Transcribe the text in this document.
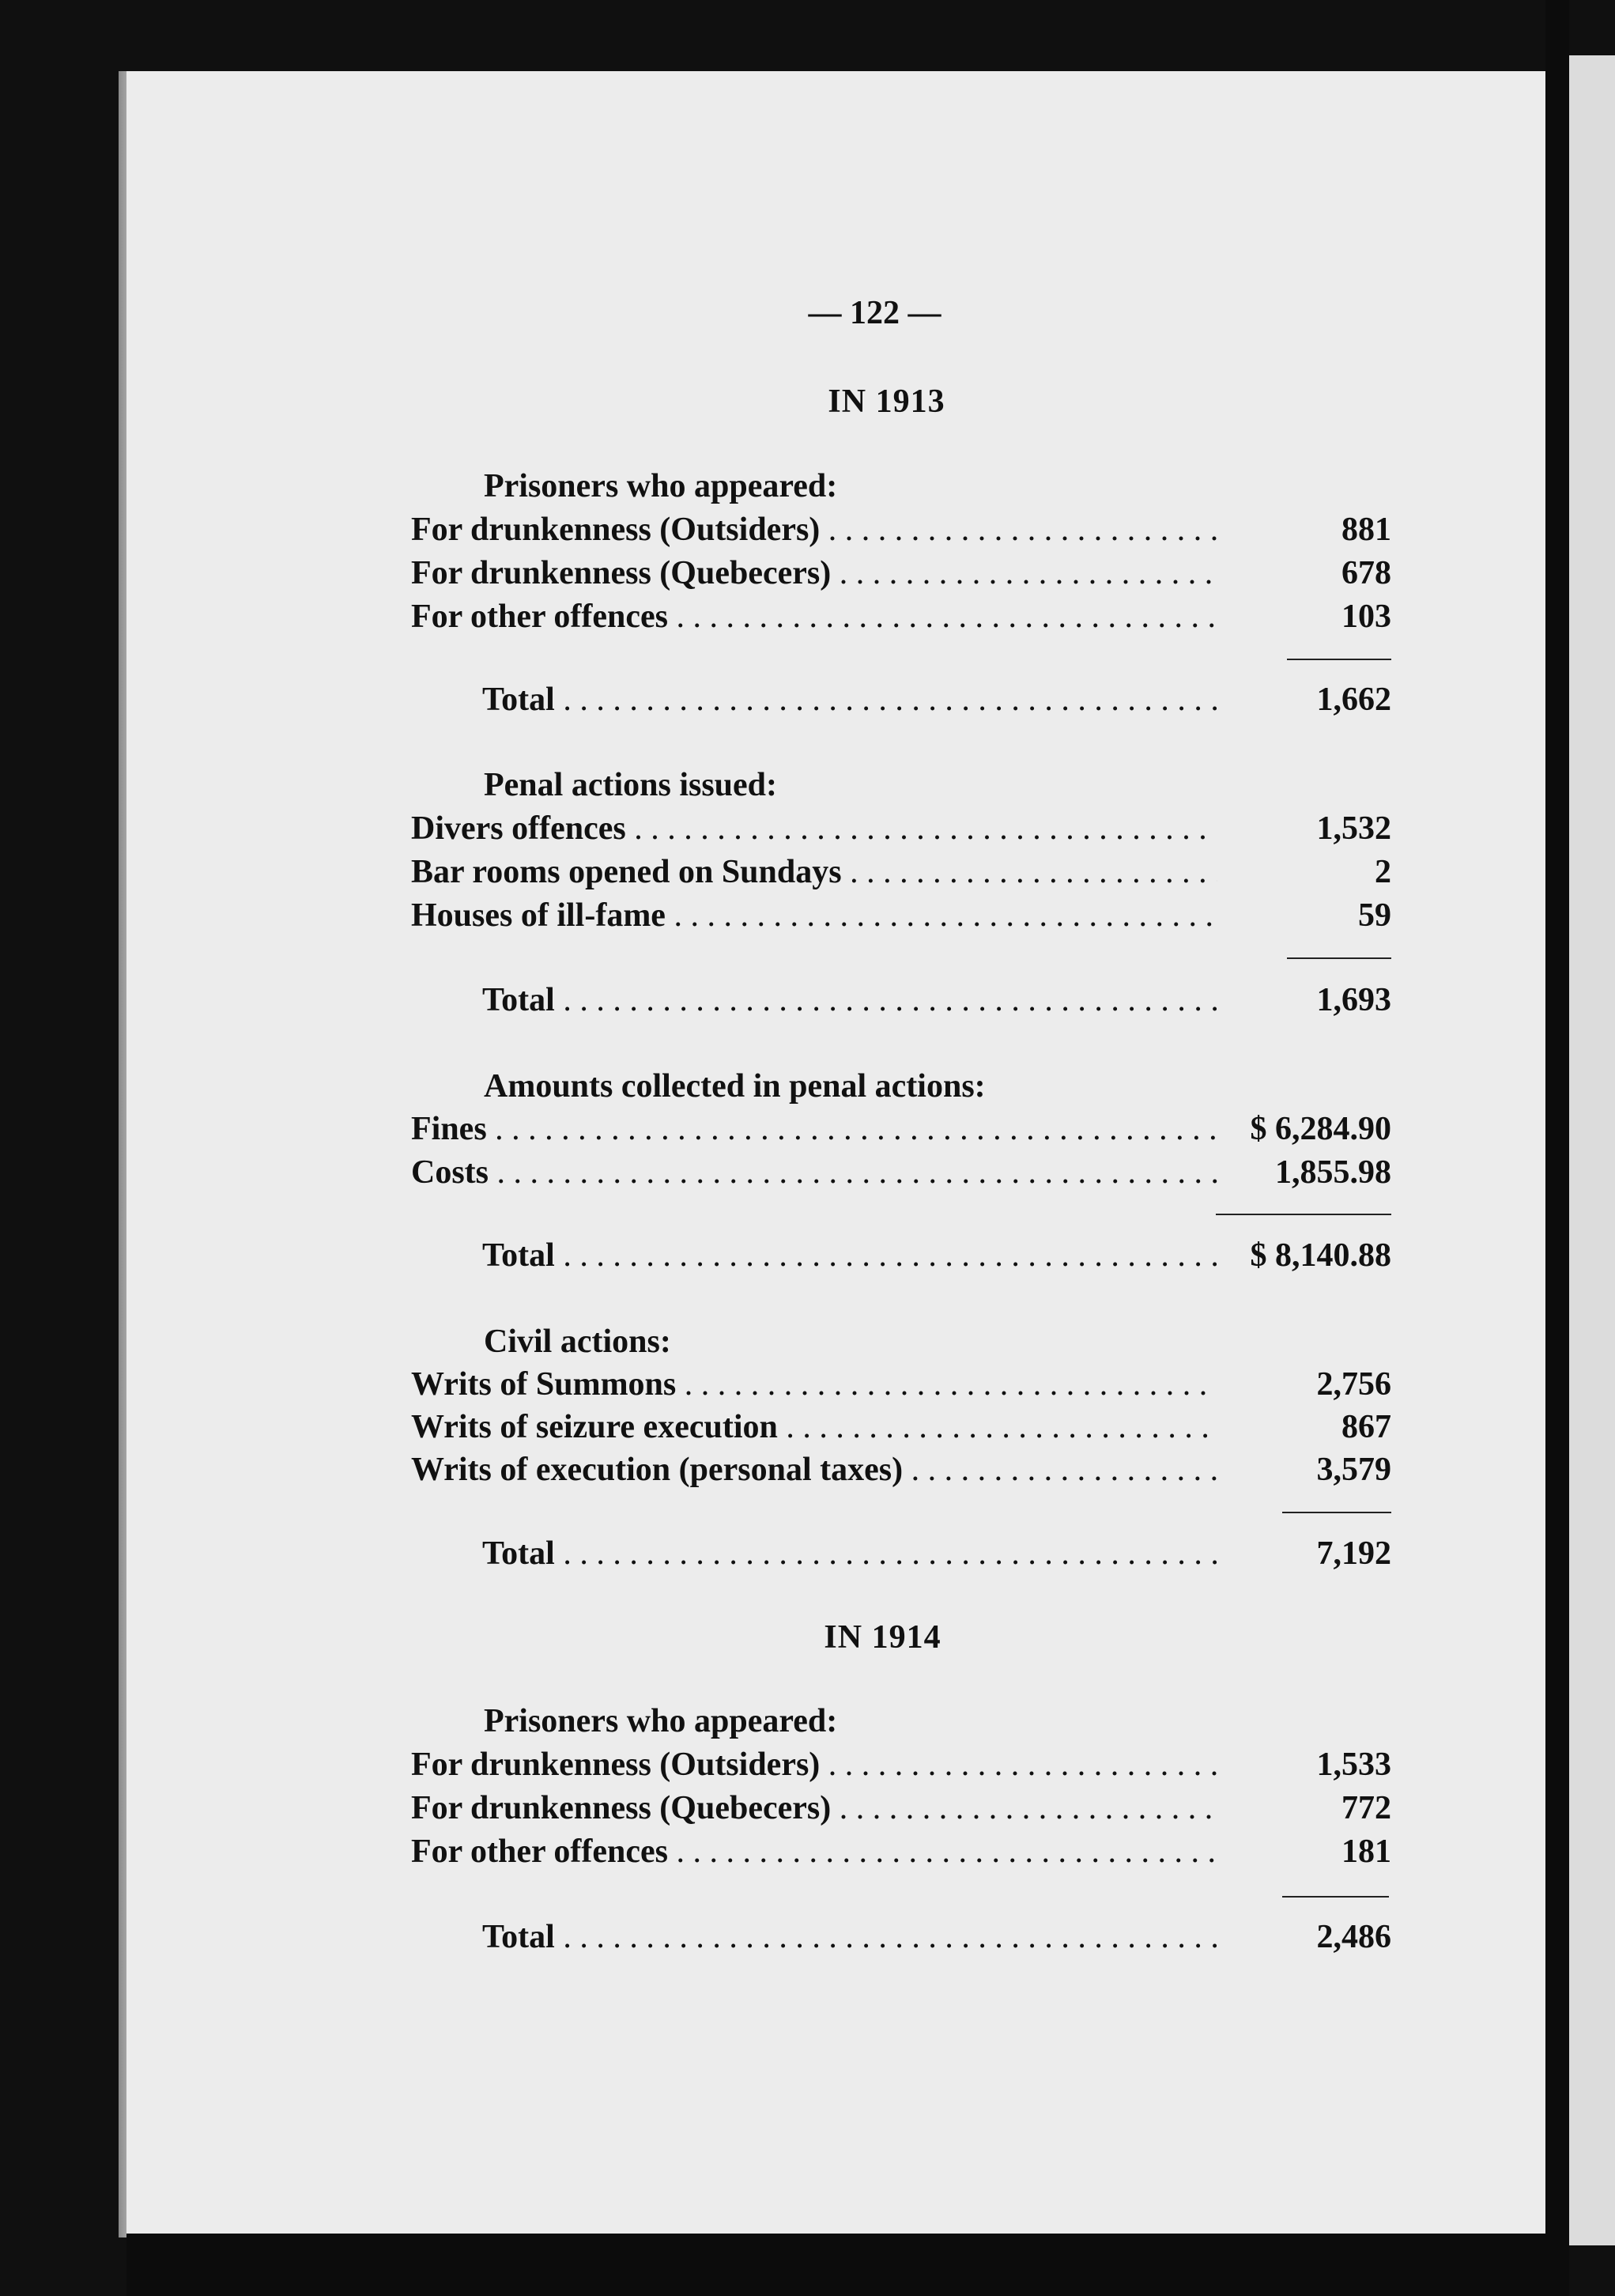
— 122 —
IN 1913
Prisoners who appeared:
For drunkenness (Outsiders) . . .	881
For drunkenness (Quebecers) . . .	678
For other offences . . .	103
Total . . .	1,662
Penal actions issued:
Divers offences . . .	1,532
Bar rooms opened on Sundays . . .	2
Houses of ill-fame . . .	59
Total . . .	1,693
Amounts collected in penal actions:
Fines . . .	$ 6,284.90
Costs . . .	1,855.98
Total . . .	$ 8,140.88
Civil actions:
Writs of Summons . . .	2,756
Writs of seizure execution . . .	867
Writs of execution (personal taxes) . . .	3,579
Total . . .	7,192
IN 1914
Prisoners who appeared:
For drunkenness (Outsiders) . . .	1,533
For drunkenness (Quebecers) . . .	772
For other offences . . .	181
Total . . .	2,486
